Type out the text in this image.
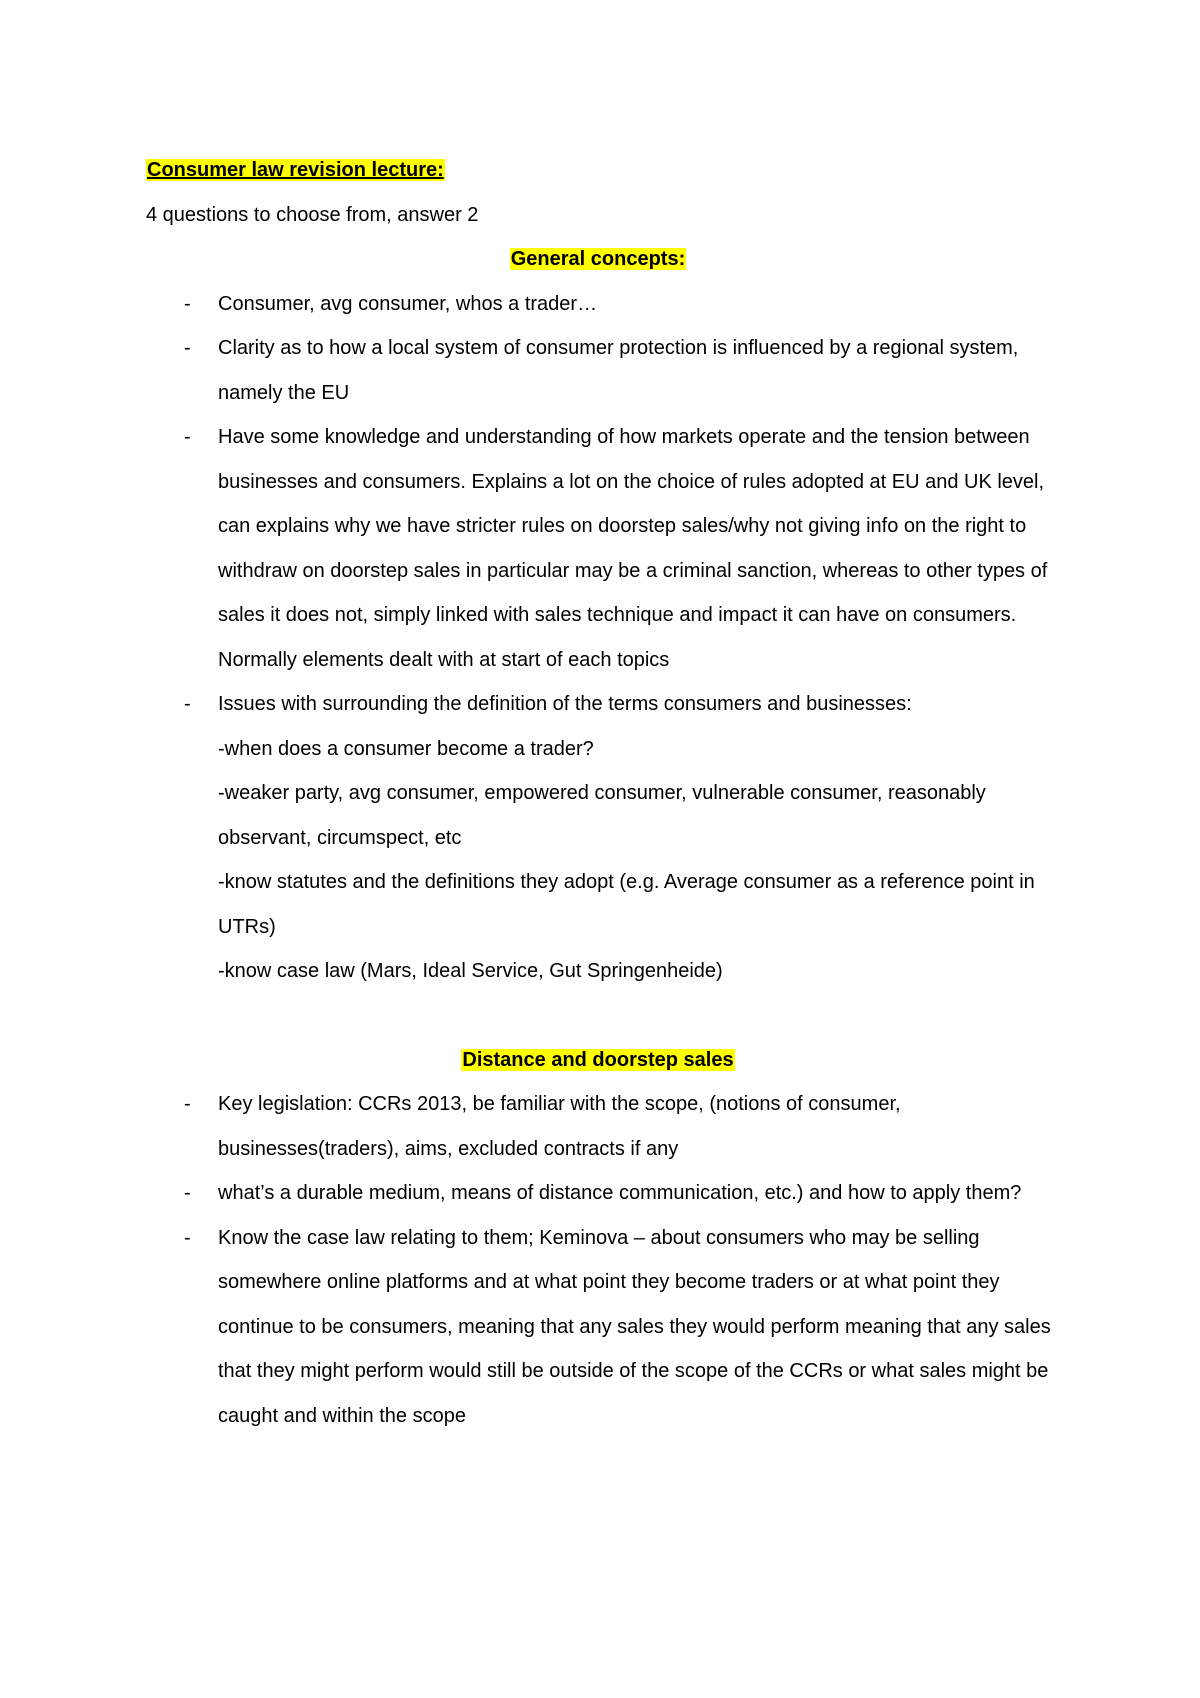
Consumer law revision lecture:

4 questions to choose from, answer 2

General concepts:

- Consumer, avg consumer, whos a trader…
- Clarity as to how a local system of consumer protection is influenced by a regional system, namely the EU
- Have some knowledge and understanding of how markets operate and the tension between businesses and consumers. Explains a lot on the choice of rules adopted at EU and UK level, can explains why we have stricter rules on doorstep sales/why not giving info on the right to withdraw on doorstep sales in particular may be a criminal sanction, whereas to other types of sales it does not, simply linked with sales technique and impact it can have on consumers. Normally elements dealt with at start of each topics
- Issues with surrounding the definition of the terms consumers and businesses:
-when does a consumer become a trader?
-weaker party, avg consumer, empowered consumer, vulnerable consumer, reasonably observant, circumspect, etc
-know statutes and the definitions they adopt (e.g. Average consumer as a reference point in UTRs)
-know case law (Mars, Ideal Service, Gut Springenheide)

Distance and doorstep sales

- Key legislation: CCRs 2013, be familiar with the scope, (notions of consumer, businesses(traders), aims, excluded contracts if any
- what’s a durable medium, means of distance communication, etc.) and how to apply them?
- Know the case law relating to them; Keminova – about consumers who may be selling somewhere online platforms and at what point they become traders or at what point they continue to be consumers, meaning that any sales they would perform meaning that any sales that they might perform would still be outside of the scope of the CCRs or what sales might be caught and within the scope
